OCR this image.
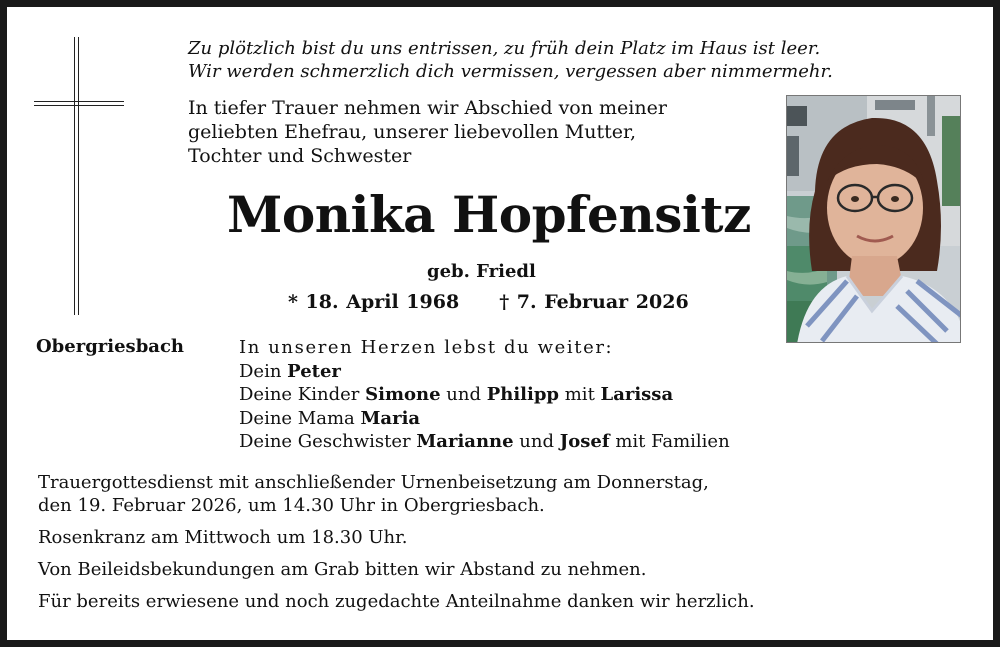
Zu plötzlich bist du uns entrissen, zu früh dein Platz im Haus ist leer.
Wir werden schmerzlich dich vermissen, vergessen aber nimmermehr.
In tiefer Trauer nehmen wir Abschied von meiner
geliebten Ehefrau, unserer liebevollen Mutter,
Tochter und Schwester
Monika Hopfensitz
geb. Friedl
* 18. April 1968 † 7. Februar 2026
Obergriesbach	In unseren Herzen lebst du weiter:
Dein Peter
Deine Kinder Simone und Philipp mit Larissa
Deine Mama Maria
Deine Geschwister Marianne und Josef mit Familien

Trauergottesdienst mit anschließender Urnenbeisetzung am Donnerstag,
den 19. Februar 2026, um 14.30 Uhr in Obergriesbach.

Rosenkranz am Mittwoch um 18.30 Uhr.

Von Beileidsbekundungen am Grab bitten wir Abstand zu nehmen.

Für bereits erwiesene und noch zugedachte Anteilnahme danken wir herzlich.
